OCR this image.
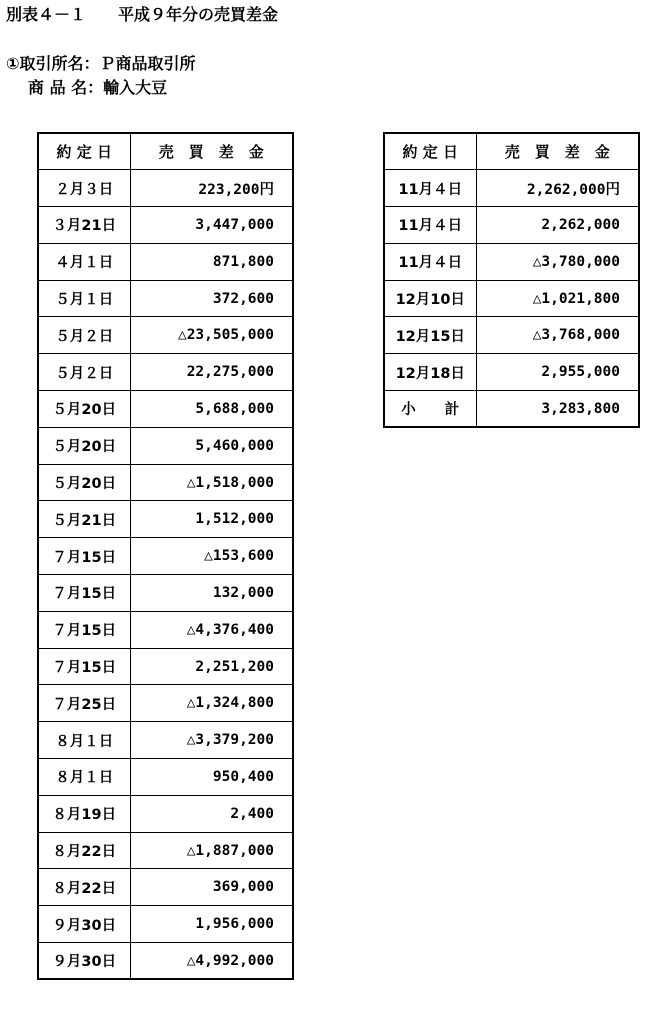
別表４－１　　平成９年分の売買差金
①取引所名：Ｐ商品取引所
商 品 名：輸入大豆
約 定 日	売　買　差　金
２月３日	223,200円
３月21日	3,447,000
４月１日	871,800
５月１日	372,600
５月２日	△23,505,000
５月２日	22,275,000
５月20日	5,688,000
５月20日	5,460,000
５月20日	△1,518,000
５月21日	1,512,000
７月15日	△153,600
７月15日	132,000
７月15日	△4,376,400
７月15日	2,251,200
７月25日	△1,324,800
８月１日	△3,379,200
８月１日	950,400
８月19日	2,400
８月22日	△1,887,000
８月22日	369,000
９月30日	1,956,000
９月30日	△4,992,000
約 定 日	売　買　差　金
11月４日	2,262,000円
11月４日	2,262,000
11月４日	△3,780,000
12月10日	△1,021,800
12月15日	△3,768,000
12月18日	2,955,000
小　　計	3,283,800
